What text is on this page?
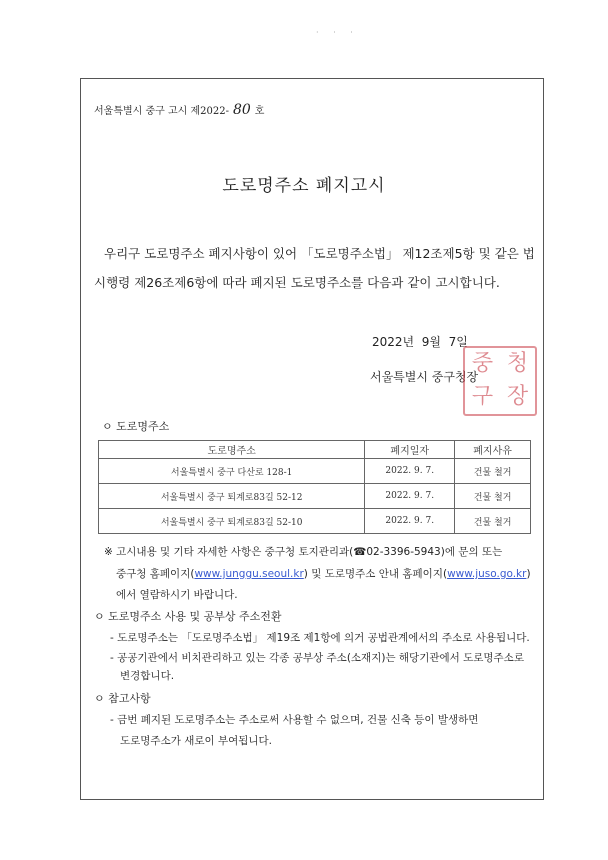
· · ·
서울특별시 중구 고시 제2022- 80 호
도로명주소 폐지고시
우리구 도로명주소 폐지사항이 있어 「도로명주소법」 제12조제5항 및 같은 법
시행령 제26조제6항에 따라 폐지된 도로명주소를 다음과 같이 고시합니다.
2022년  9월  7일
서울특별시 중구청장
중 청
구 장
ㅇ 도로명주소
도로명주소	폐지일자	폐지사유
서울특별시 중구 다산로 128-1	2022. 9. 7.	건물 철거
서울특별시 중구 퇴계로83길 52-12	2022. 9. 7.	건물 철거
서울특별시 중구 퇴계로83길 52-10	2022. 9. 7.	건물 철거
※ 고시내용 및 기타 자세한 사항은 중구청 토지관리과(☎02-3396-5943)에 문의 또는
중구청 홈페이지(www.junggu.seoul.kr) 및 도로명주소 안내 홈페이지(www.juso.go.kr)
에서 열람하시기 바랍니다.
ㅇ 도로명주소 사용 및 공부상 주소전환
- 도로명주소는 「도로명주소법」 제19조 제1항에 의거 공법관계에서의 주소로 사용됩니다.
- 공공기관에서 비치관리하고 있는 각종 공부상 주소(소재지)는 해당기관에서 도로명주소로
변경합니다.
ㅇ 참고사항
- 금번 폐지된 도로명주소는 주소로써 사용할 수 없으며, 건물 신축 등이 발생하면
도로명주소가 새로이 부여됩니다.
